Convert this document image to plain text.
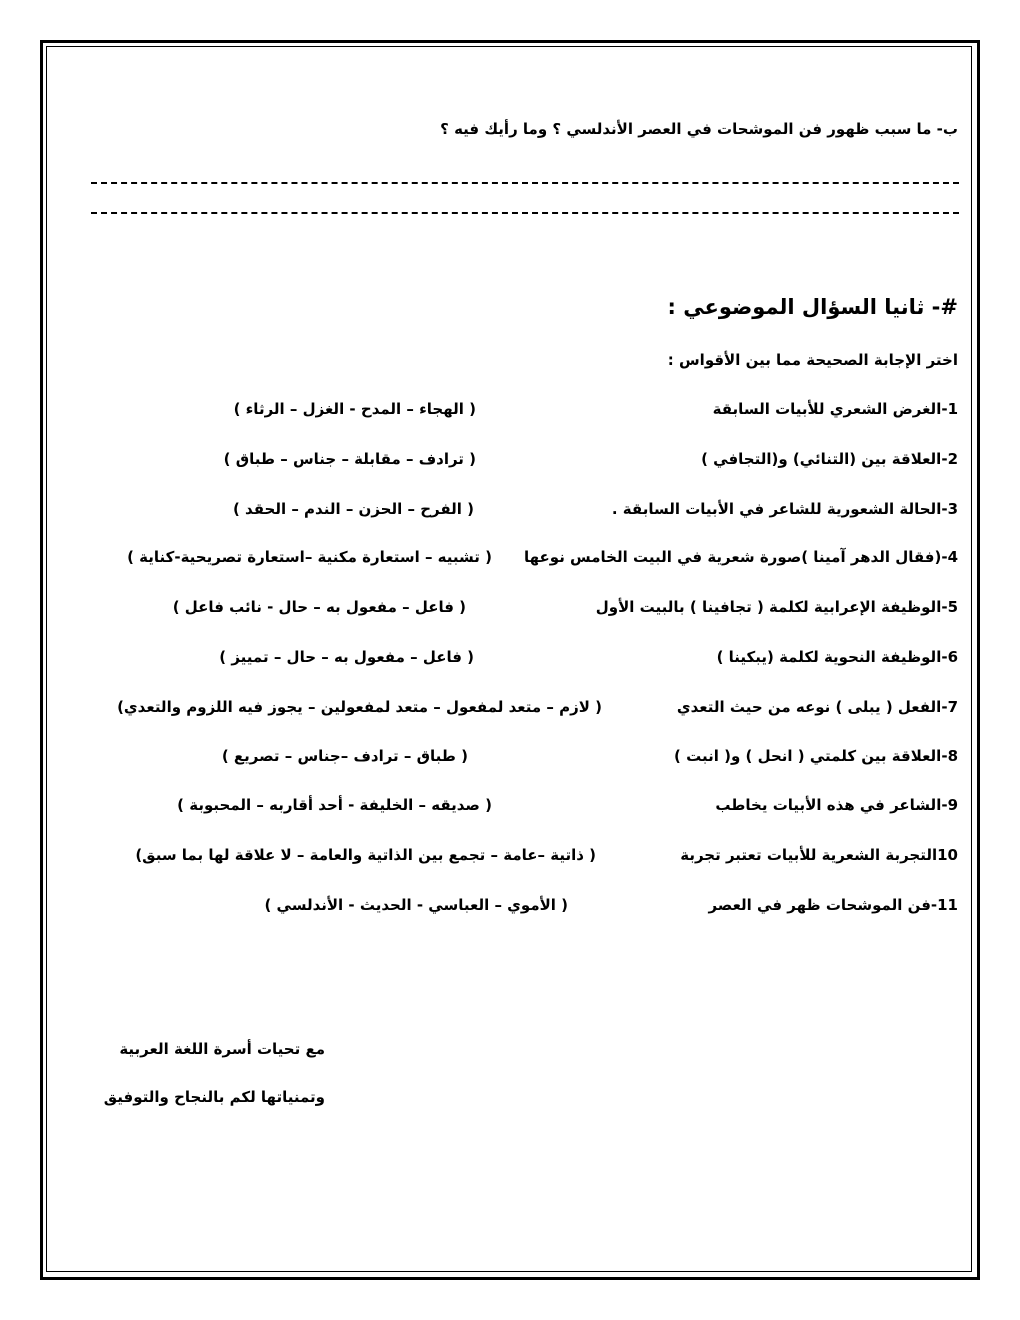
ب- ما سبب ظهور فن الموشحات في العصر الأندلسي ؟ وما رأيك فيه ؟
#- ثانيا السؤال الموضوعي :
اختر الإجابة الصحيحة مما بين الأقواس :
1-الغرض الشعري للأبيات السابقة
( الهجاء – المدح - الغزل – الرثاء )
2-العلاقة بين (التنائي) و(التجافي )
( ترادف – مقابلة – جناس – طباق )
3-الحالة الشعورية للشاعر في الأبيات السابقة .
( الفرح – الحزن – الندم – الحقد )
4-(فقال الدهر آمينا )صورة شعرية في البيت الخامس نوعها
( تشبيه – استعارة مكنية –استعارة تصريحية-كناية )
5-الوظيفة الإعرابية لكلمة ( تجافينا ) بالبيت الأول
( فاعل – مفعول به – حال - نائب فاعل )
6-الوظيفة النحوية لكلمة (يبكينا )
( فاعل – مفعول به – حال – تمييز )
7-الفعل ( يبلى ) نوعه من حيث التعدي
( لازم – متعد لمفعول – متعد لمفعولين – يجوز فيه اللزوم والتعدي)
8-العلاقة بين كلمتي ( انحل ) و( انبت )
( طباق – ترادف –جناس – تصريع )
9-الشاعر في هذه الأبيات يخاطب
( صديقه – الخليفة - أحد أقاربه – المحبوبة )
10التجربة الشعرية للأبيات تعتبر تجربة
( ذاتية –عامة – تجمع بين الذاتية والعامة – لا علاقة لها بما سبق)
11-فن الموشحات ظهر في العصر
( الأموي – العباسي - الحديث - الأندلسي )
مع تحيات أسرة اللغة العربية
وتمنياتها لكم بالنجاح والتوفيق
